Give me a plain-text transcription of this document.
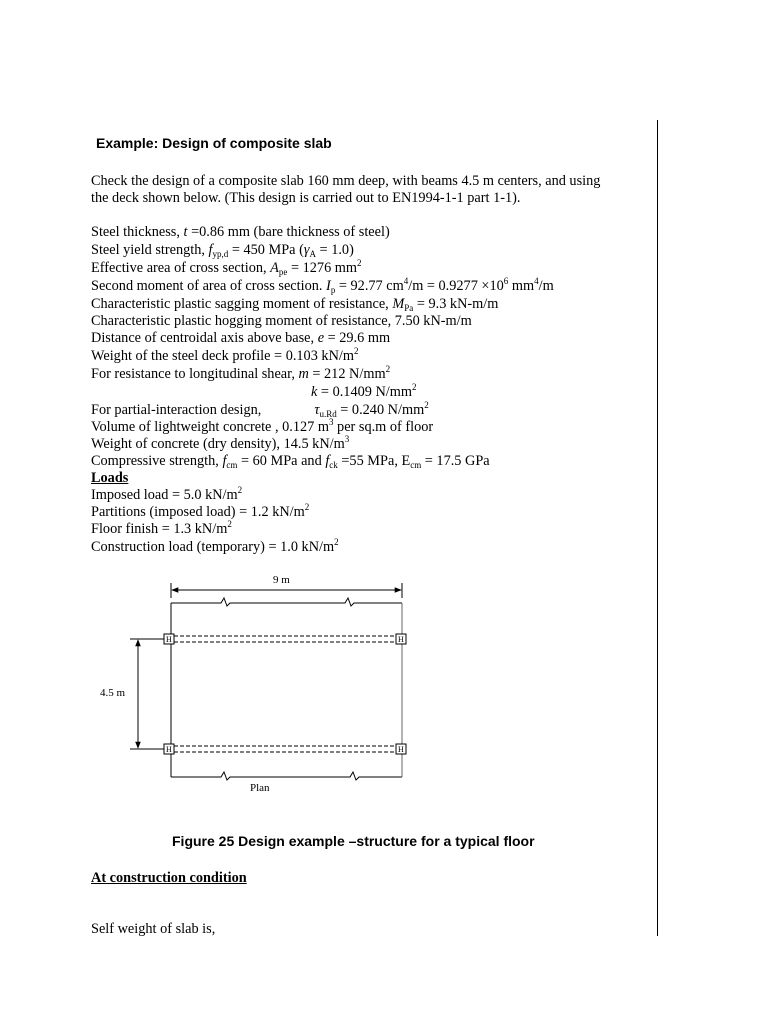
Example: Design of composite slab
Check the design of a composite slab 160 mm deep, with beams 4.5 m centers, and using
the deck shown below. (This design is carried out to EN1994-1-1 part 1-1).
Steel thickness, t =0.86 mm (bare thickness of steel)
Steel yield strength, $f_{yp,d} = 450$ MPa $(\gamma_A = 1.0)$
Effective area of cross section, $A_{pe} = 1276$ $mm^2$
Second moment of area of cross section. $I_p = 92.77$ $cm^4/m = 0.9277 \times 10^6$ $mm^4/m$
Characteristic plastic sagging moment of resistance, $M_{Pa} = 9.3$ kN-m/m
Characteristic plastic hogging moment of resistance, 7.50 kN-m/m
Distance of centroidal axis above base, e = 29.6 mm
Weight of the steel deck profile = 0.103 $kN/m^2$
For resistance to longitudinal shear, m = 212 $N/mm^2$
k = 0.1409 $N/mm^2$
For partial-interaction design,	$\tau_{u.Rd} = 0.240$ $N/mm^2$
Volume of lightweight concrete , 0.127 $m^3$ per sq.m of floor
Weight of concrete (dry density), 14.5 $kN/m^3$
Compressive strength, $f_{cm} = 60$ MPa and $f_{ck} =55$ MPa, $E_{cm} = 17.5$ GPa
Loads
Imposed load = 5.0 $kN/m^2$
Partitions (imposed load) = 1.2 $kN/m^2$
Floor finish = 1.3 $kN/m^2$
Construction load (temporary) = 1.0 $kN/m^2$
9 m
H	H
H	H
4.5 m
Plan
Figure 25 Design example –structure for a typical floor
At construction condition
Self weight of slab is,
